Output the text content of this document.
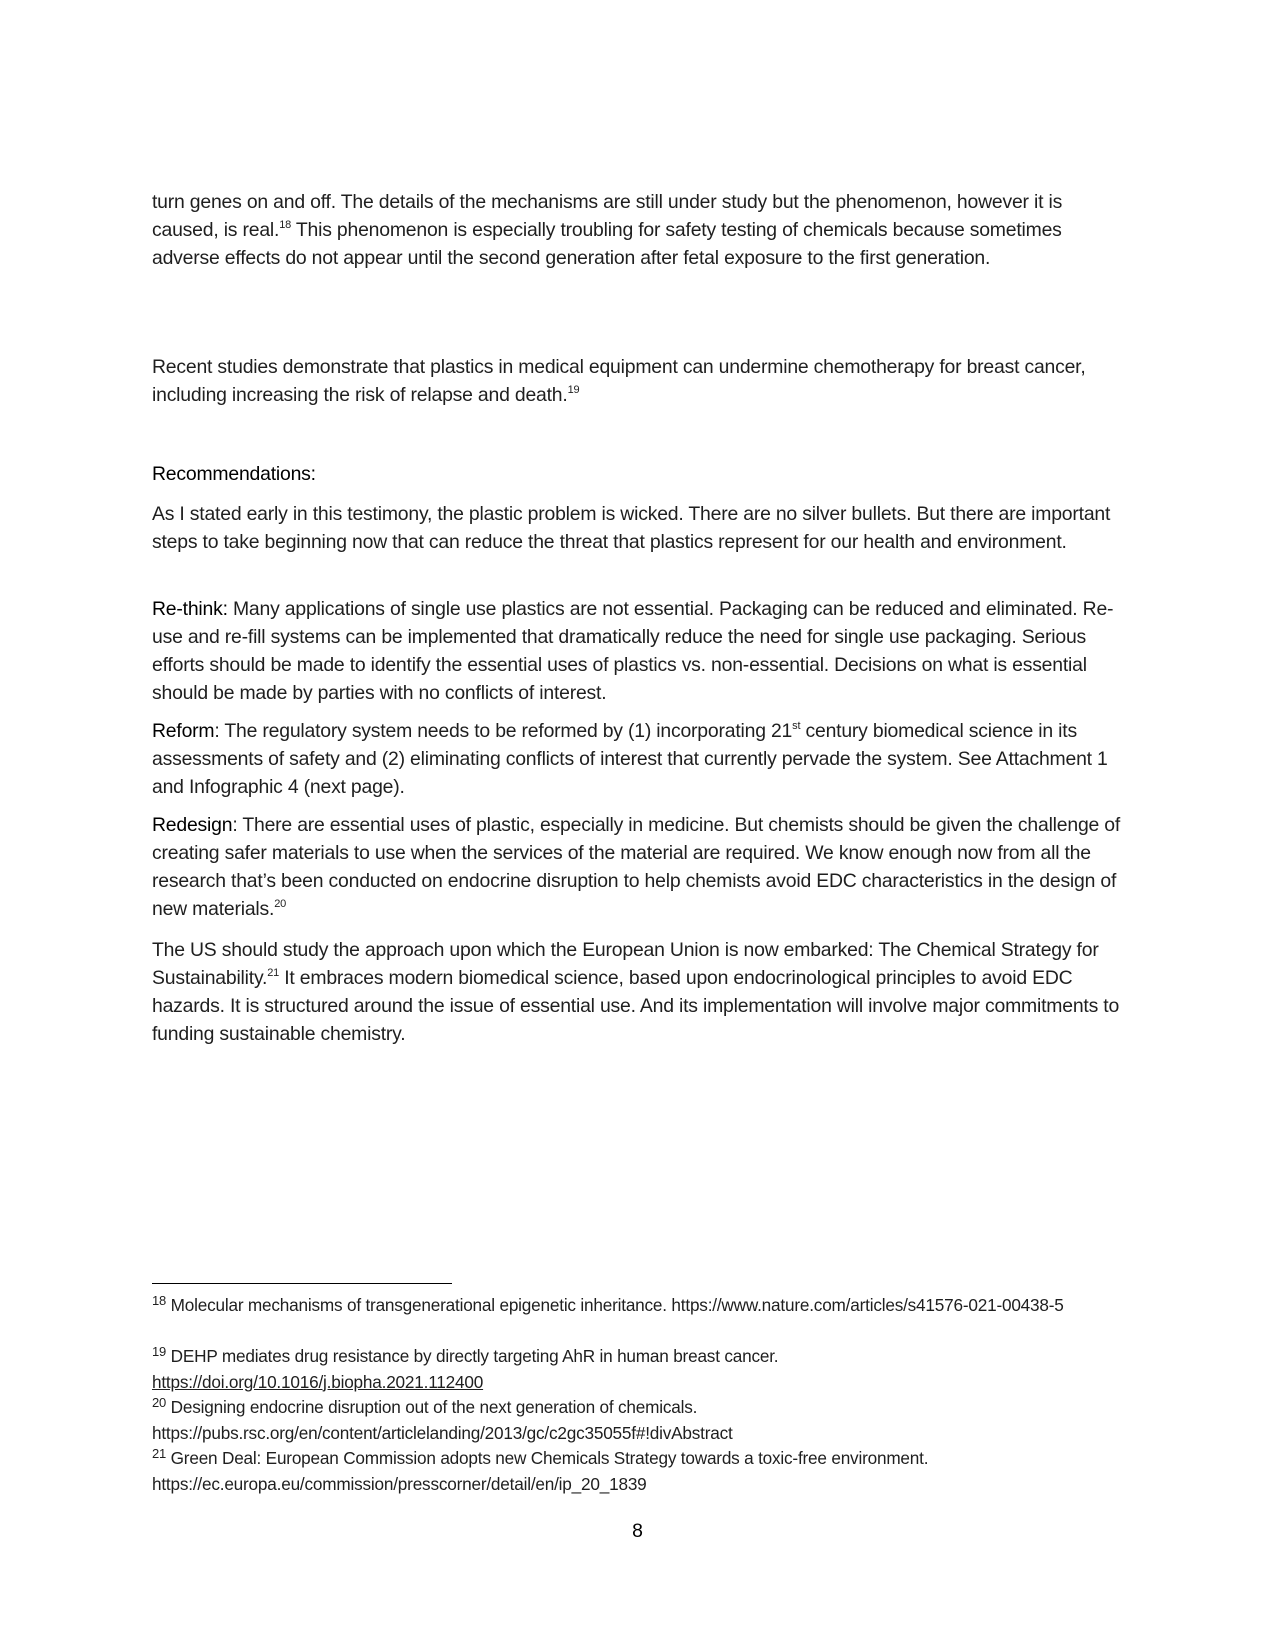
turn genes on and off. The details of the mechanisms are still under study but the phenomenon, however it is caused, is real.$^{18}$ This phenomenon is especially troubling for safety testing of chemicals because sometimes adverse effects do not appear until the second generation after fetal exposure to the first generation.

Recent studies demonstrate that plastics in medical equipment can undermine chemotherapy for breast cancer, including increasing the risk of relapse and death.$^{19}$

Recommendations:

As I stated early in this testimony, the plastic problem is wicked. There are no silver bullets. But there are important steps to take beginning now that can reduce the threat that plastics represent for our health and environment.

Re-think: Many applications of single use plastics are not essential. Packaging can be reduced and eliminated. Re-use and re-fill systems can be implemented that dramatically reduce the need for single use packaging. Serious efforts should be made to identify the essential uses of plastics vs. non-essential. Decisions on what is essential should be made by parties with no conflicts of interest.

Reform: The regulatory system needs to be reformed by (1) incorporating 21st century biomedical science in its assessments of safety and (2) eliminating conflicts of interest that currently pervade the system. See Attachment 1 and Infographic 4 (next page).

Redesign: There are essential uses of plastic, especially in medicine. But chemists should be given the challenge of creating safer materials to use when the services of the material are required. We know enough now from all the research that’s been conducted on endocrine disruption to help chemists avoid EDC characteristics in the design of new materials.$^{20}$

The US should study the approach upon which the European Union is now embarked: The Chemical Strategy for Sustainability.$^{21}$ It embraces modern biomedical science, based upon endocrinological principles to avoid EDC hazards. It is structured around the issue of essential use. And its implementation will involve major commitments to funding sustainable chemistry.

$^{18}$ Molecular mechanisms of transgenerational epigenetic inheritance. https://www.nature.com/articles/s41576-021-00438-5

$^{19}$ DEHP mediates drug resistance by directly targeting AhR in human breast cancer.
https://doi.org/10.1016/j.biopha.2021.112400

$^{20}$ Designing endocrine disruption out of the next generation of chemicals.
https://pubs.rsc.org/en/content/articlelanding/2013/gc/c2gc35055f#!divAbstract

$^{21}$ Green Deal: European Commission adopts new Chemicals Strategy towards a toxic-free environment.
https://ec.europa.eu/commission/presscorner/detail/en/ip_20_1839

8
